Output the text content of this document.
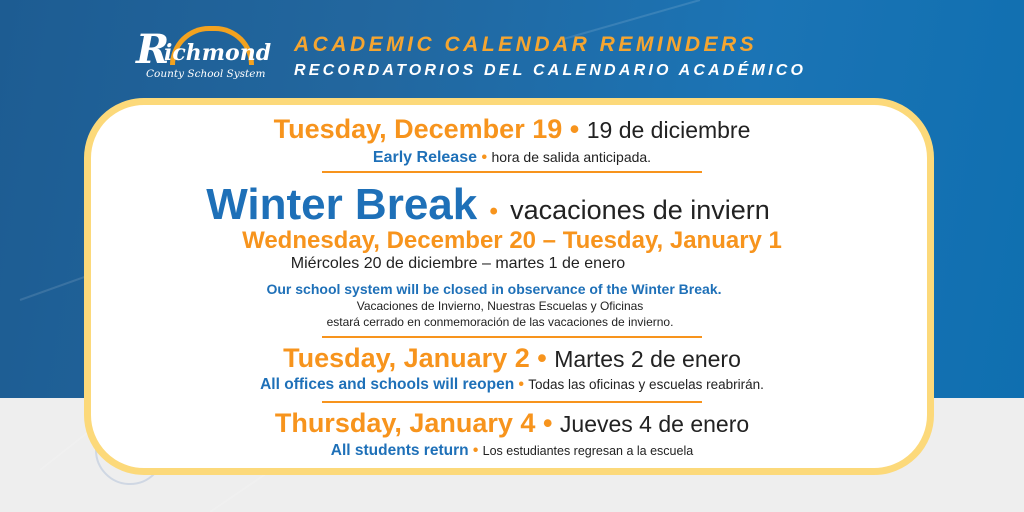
R
ichmond
County School System
ACADEMIC CALENDAR REMINDERS
RECORDATORIOS DEL CALENDARIO ACADÉMICO
Tuesday, December 19 • 19 de diciembre
Early Release • hora de salida anticipada.
Winter Break • vacaciones de inviern
Wednesday, December 20 – Tuesday, January 1
Miércoles 20 de diciembre – martes 1 de enero
Our school system will be closed in observance of the Winter Break.
Vacaciones de Invierno, Nuestras Escuelas y Oficinas
estará cerrado en conmemoración de las vacaciones de invierno.
Tuesday, January 2 • Martes 2 de enero
All offices and schools will reopen • Todas las oficinas y escuelas reabrirán.
Thursday, January 4 • Jueves 4 de enero
All students return • Los estudiantes regresan a la escuela
